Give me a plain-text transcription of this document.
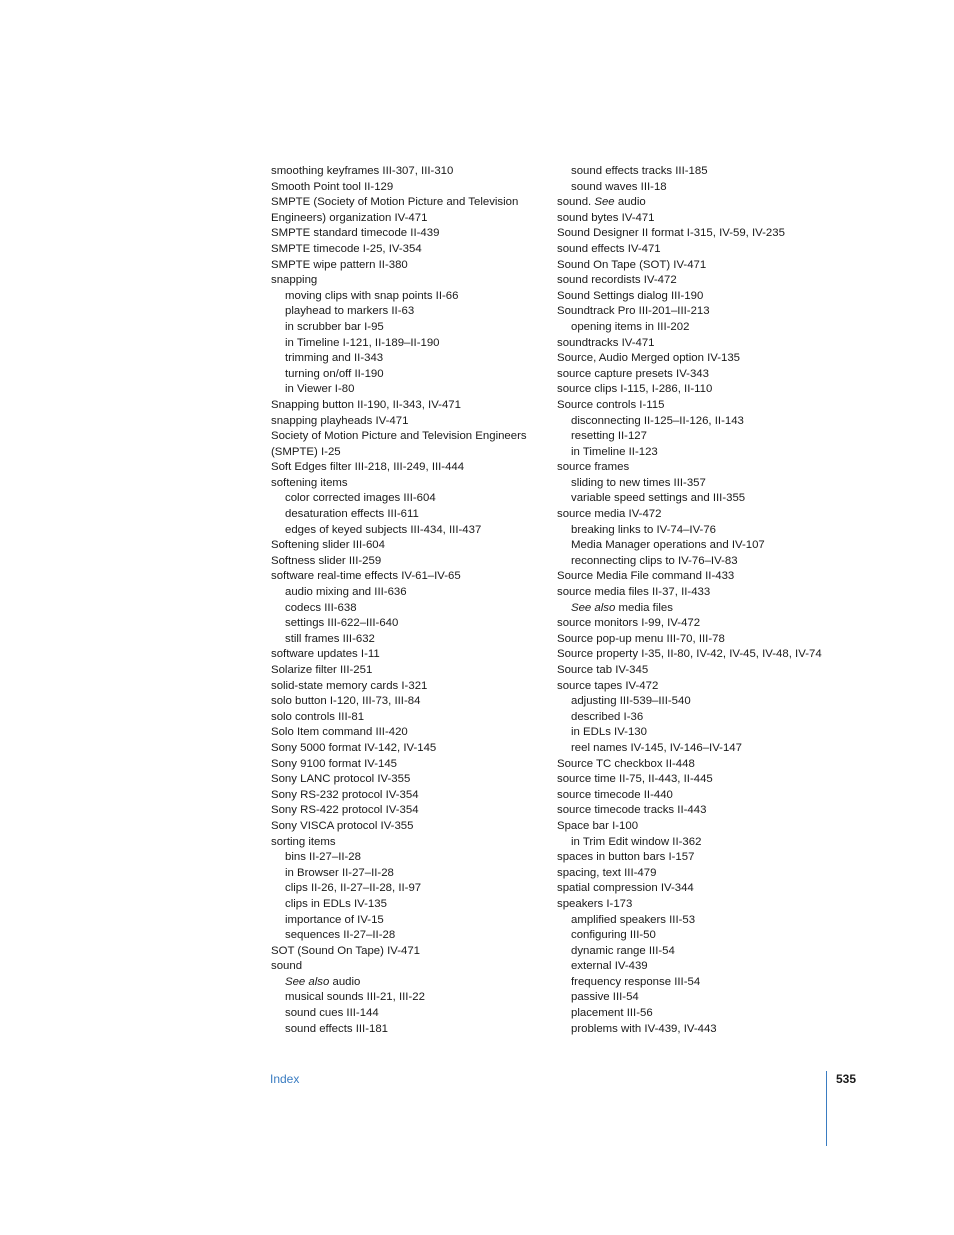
smoothing keyframes III-307, III-310
Smooth Point tool II-129
SMPTE (Society of Motion Picture and Television
Engineers) organization IV-471
SMPTE standard timecode II-439
SMPTE timecode I-25, IV-354
SMPTE wipe pattern II-380
snapping
moving clips with snap points II-66
playhead to markers II-63
in scrubber bar I-95
in Timeline I-121, II-189–II-190
trimming and II-343
turning on/off II-190
in Viewer I-80
Snapping button II-190, II-343, IV-471
snapping playheads IV-471
Society of Motion Picture and Television Engineers
(SMPTE) I-25
Soft Edges filter III-218, III-249, III-444
softening items
color corrected images III-604
desaturation effects III-611
edges of keyed subjects III-434, III-437
Softening slider III-604
Softness slider III-259
software real-time effects IV-61–IV-65
audio mixing and III-636
codecs III-638
settings III-622–III-640
still frames III-632
software updates I-11
Solarize filter III-251
solid-state memory cards I-321
solo button I-120, III-73, III-84
solo controls III-81
Solo Item command III-420
Sony 5000 format IV-142, IV-145
Sony 9100 format IV-145
Sony LANC protocol IV-355
Sony RS-232 protocol IV-354
Sony RS-422 protocol IV-354
Sony VISCA protocol IV-355
sorting items
bins II-27–II-28
in Browser II-27–II-28
clips II-26, II-27–II-28, II-97
clips in EDLs IV-135
importance of IV-15
sequences II-27–II-28
SOT (Sound On Tape) IV-471
sound
See also audio
musical sounds III-21, III-22
sound cues III-144
sound effects III-181
sound effects tracks III-185
sound waves III-18
sound. See audio
sound bytes IV-471
Sound Designer II format I-315, IV-59, IV-235
sound effects IV-471
Sound On Tape (SOT) IV-471
sound recordists IV-472
Sound Settings dialog III-190
Soundtrack Pro III-201–III-213
opening items in III-202
soundtracks IV-471
Source, Audio Merged option IV-135
source capture presets IV-343
source clips I-115, I-286, II-110
Source controls I-115
disconnecting II-125–II-126, II-143
resetting II-127
in Timeline II-123
source frames
sliding to new times III-357
variable speed settings and III-355
source media IV-472
breaking links to IV-74–IV-76
Media Manager operations and IV-107
reconnecting clips to IV-76–IV-83
Source Media File command II-433
source media files II-37, II-433
See also media files
source monitors I-99, IV-472
Source pop-up menu III-70, III-78
Source property I-35, II-80, IV-42, IV-45, IV-48, IV-74
Source tab IV-345
source tapes IV-472
adjusting III-539–III-540
described I-36
in EDLs IV-130
reel names IV-145, IV-146–IV-147
Source TC checkbox II-448
source time II-75, II-443, II-445
source timecode II-440
source timecode tracks II-443
Space bar I-100
in Trim Edit window II-362
spaces in button bars I-157
spacing, text III-479
spatial compression IV-344
speakers I-173
amplified speakers III-53
configuring III-50
dynamic range III-54
external IV-439
frequency response III-54
passive III-54
placement III-56
problems with IV-439, IV-443
Index	535
